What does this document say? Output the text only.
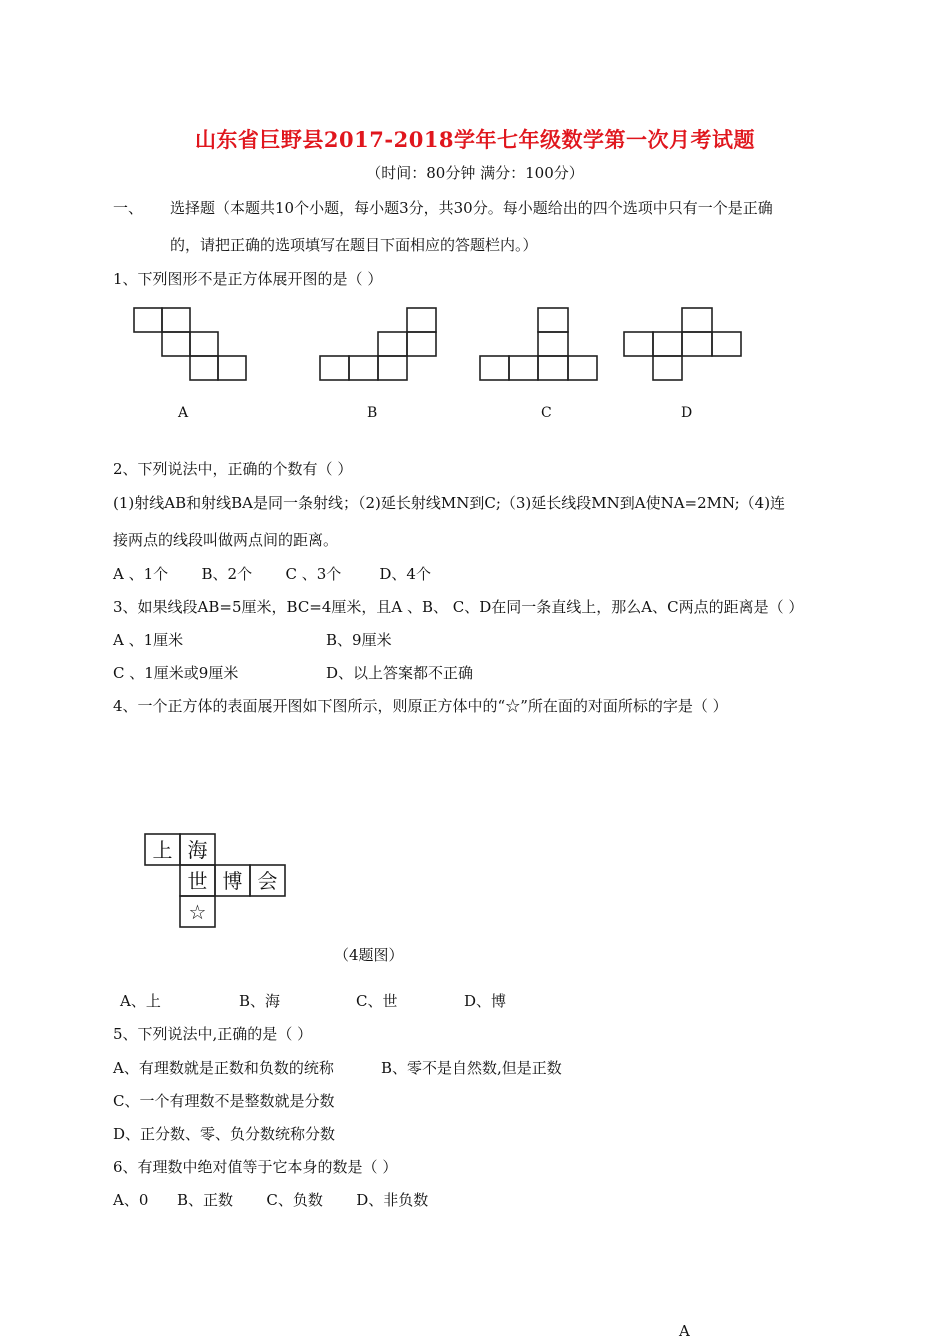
山东省巨野县2017-2018学年七年级数学第一次月考试题
（时间：80分钟 满分：100分）
一、 选择题（本题共10个小题，每小题3分，共30分。每小题给出的四个选项中只有一个是正确
的，请把正确的选项填写在题目下面相应的答题栏内。）
1、下列图形不是正方体展开图的是（ ）
A	B	C	D
2、下列说法中，正确的个数有（ ）
(1)射线AB和射线BA是同一条射线；（2)延长射线MN到C;（3)延长线段MN到A使NA=2MN;（4)连
接两点的线段叫做两点间的距离。
A 、1个       B、2个       C 、3个        D、4个
3、如果线段AB=5厘米，BC=4厘米，且A 、B、 C、D在同一条直线上，那么A、C两点的距离是（ ）
A 、1厘米	B、9厘米
C 、1厘米或9厘米	D、以上答案都不正确
4、一个正方体的表面展开图如下图所示，则原正方体中的“☆”所在面的对面所标的字是（ ）
上 海
世 博 会
☆
（4题图）
A、上	B、海	C、世	D、博
5、下列说法中,正确的是（ ）
A、有理数就是正数和负数的统称	B、零不是自然数,但是正数
C、一个有理数不是整数就是分数
D、正分数、零、负分数统称分数
6、有理数中绝对值等于它本身的数是（ ）
A、0      B、正数       C、负数       D、非负数
A
